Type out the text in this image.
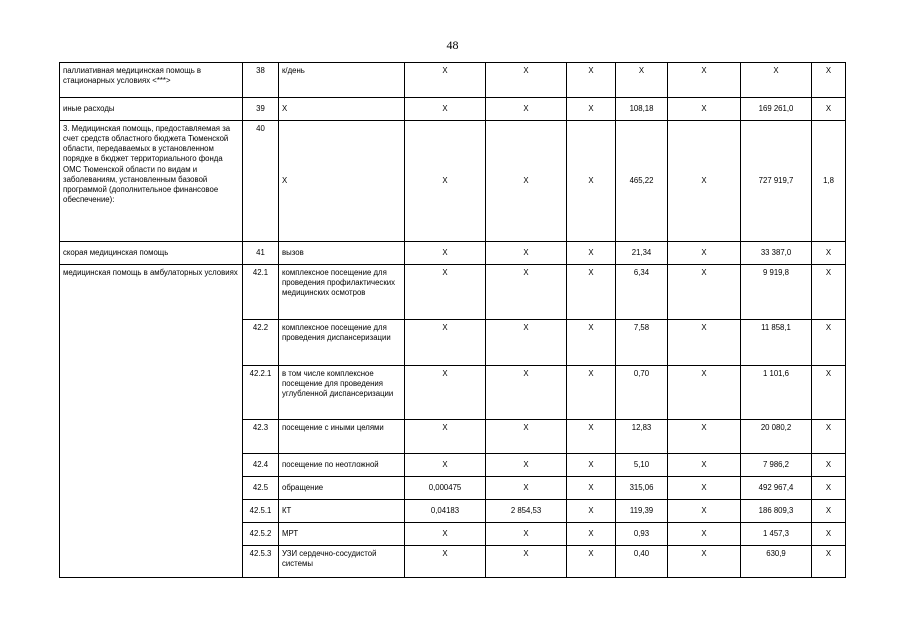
48
паллиативная медицинская помощь в стационарных условиях <***>	38	к/день	X	X	X	X	X	X	X
иные расходы	39	X	X	X	X	108,18	X	169 261,0	X
3. Медицинская помощь, предоставляемая за счет средств областного бюджета Тюменской области, передаваемых в установленном порядке в бюджет территориального фонда ОМС Тюменской области по видам и заболеваниям, установленным базовой программой (дополнительное финансовое обеспечение):	40	X	X	X	X	465,22	X	727 919,7	1,8
скорая медицинская помощь	41	вызов	X	X	X	21,34	X	33 387,0	X
медицинская помощь в амбулаторных условиях	42.1	комплексное посещение для проведения профилактических медицинских осмотров	X	X	X	6,34	X	9 919,8	X
	42.2	комплексное посещение для проведения диспансеризации	X	X	X	7,58	X	11 858,1	X
	42.2.1	в том числе комплексное посещение для проведения углубленной диспансеризации	X	X	X	0,70	X	1 101,6	X
	42.3	посещение с иными целями	X	X	X	12,83	X	20 080,2	X
	42.4	посещение по неотложной	X	X	X	5,10	X	7 986,2	X
	42.5	обращение	0,000475	X	X	315,06	X	492 967,4	X
	42.5.1	КТ	0,04183	2 854,53	X	119,39	X	186 809,3	X
	42.5.2	МРТ	X	X	X	0,93	X	1 457,3	X
	42.5.3	УЗИ сердечно-сосудистой системы	X	X	X	0,40	X	630,9	X
